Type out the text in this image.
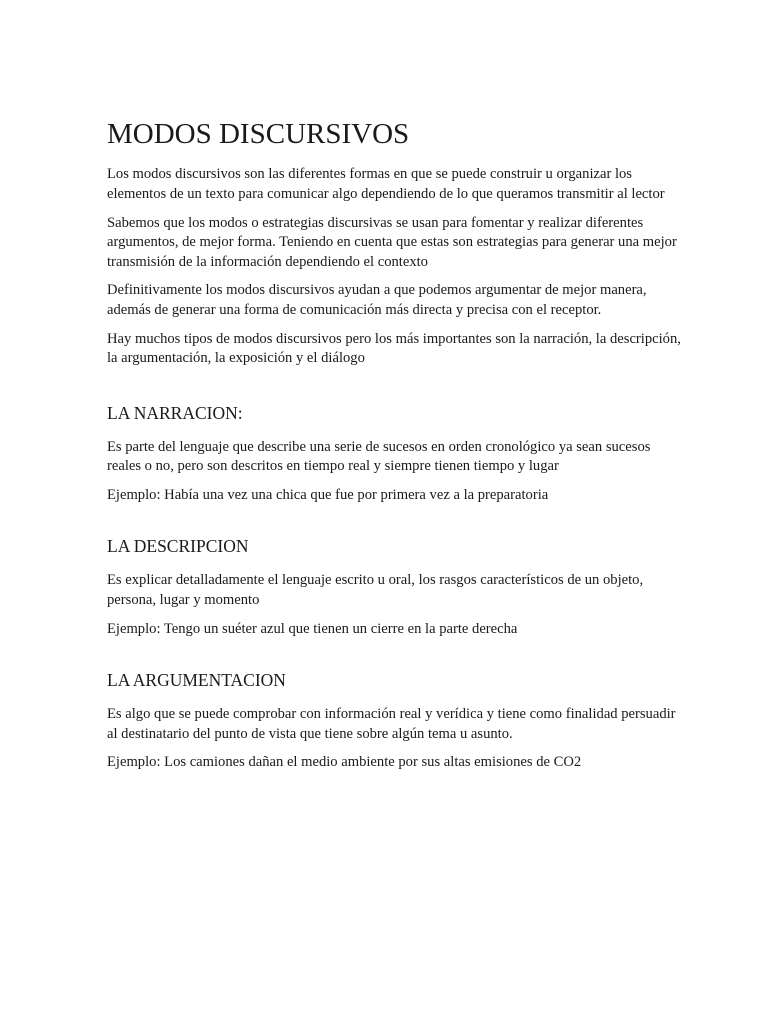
MODOS DISCURSIVOS

Los modos discursivos son las diferentes formas en que se puede construir u organizar los elementos de un texto para comunicar algo dependiendo de lo que queramos transmitir al lector

Sabemos que los modos o estrategias discursivas se usan para fomentar y realizar diferentes argumentos, de mejor forma. Teniendo en cuenta que estas son estrategias para generar una mejor transmisión de la información dependiendo el contexto

Definitivamente los modos discursivos ayudan a que podemos argumentar de mejor manera, además de generar una forma de comunicación más directa y precisa con el receptor.

Hay muchos tipos de modos discursivos pero los más importantes son la narración, la descripción, la argumentación, la exposición y el diálogo

LA NARRACION:

Es parte del lenguaje que describe una serie de sucesos en orden cronológico ya sean sucesos reales o no, pero son descritos en tiempo real y siempre tienen tiempo y lugar

Ejemplo: Había una vez una chica que fue por primera vez a la preparatoria

LA DESCRIPCION

Es explicar detalladamente el lenguaje escrito u oral, los rasgos característicos de un objeto, persona, lugar y momento

Ejemplo: Tengo un suéter azul que tienen un cierre en la parte derecha

LA ARGUMENTACION

Es algo que se puede comprobar con información real y verídica y tiene como finalidad persuadir al destinatario del punto de vista que tiene sobre algún tema u asunto.

Ejemplo: Los camiones dañan el medio ambiente por sus altas emisiones de CO2
